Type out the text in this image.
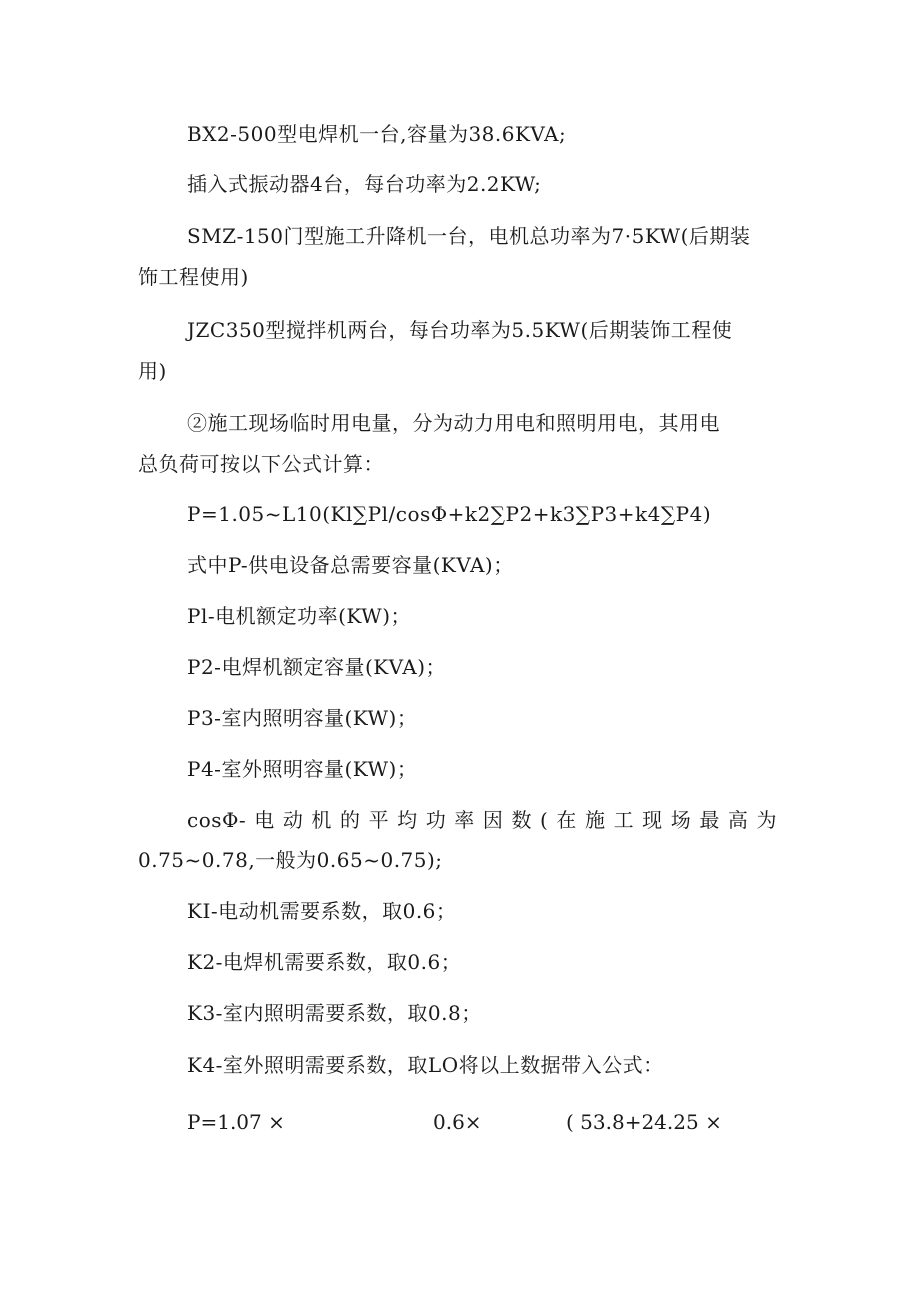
BX2-500型电焊机一台,容量为38.6KVA;
插入式振动器4台，每台功率为2.2KW;
SMZ-150门型施工升降机一台，电机总功率为7·5KW(后期装
饰工程使用)
JZC350型搅拌机两台，每台功率为5.5KW(后期装饰工程使
用)
②施工现场临时用电量，分为动力用电和照明用电，其用电
总负荷可按以下公式计算：
P=1.05~L10(Kl∑Pl/cosΦ+k2∑P2+k3∑P3+k4∑P4)
式中P-供电设备总需要容量(KVA)；
Pl-电机额定功率(KW)；
P2-电焊机额定容量(KVA)；
P3-室内照明容量(KW)；
P4-室外照明容量(KW)；
cosΦ-电动机的平均功率因数(在施工现场最高为
0.75~0.78,一般为0.65~0.75);
KI-电动机需要系数，取0.6；
K2-电焊机需要系数，取0.6；
K3-室内照明需要系数，取0.8；
K4-室外照明需要系数，取LO将以上数据带入公式：
P=1.07 ×	0.6×	( 53.8+24.25 ×
